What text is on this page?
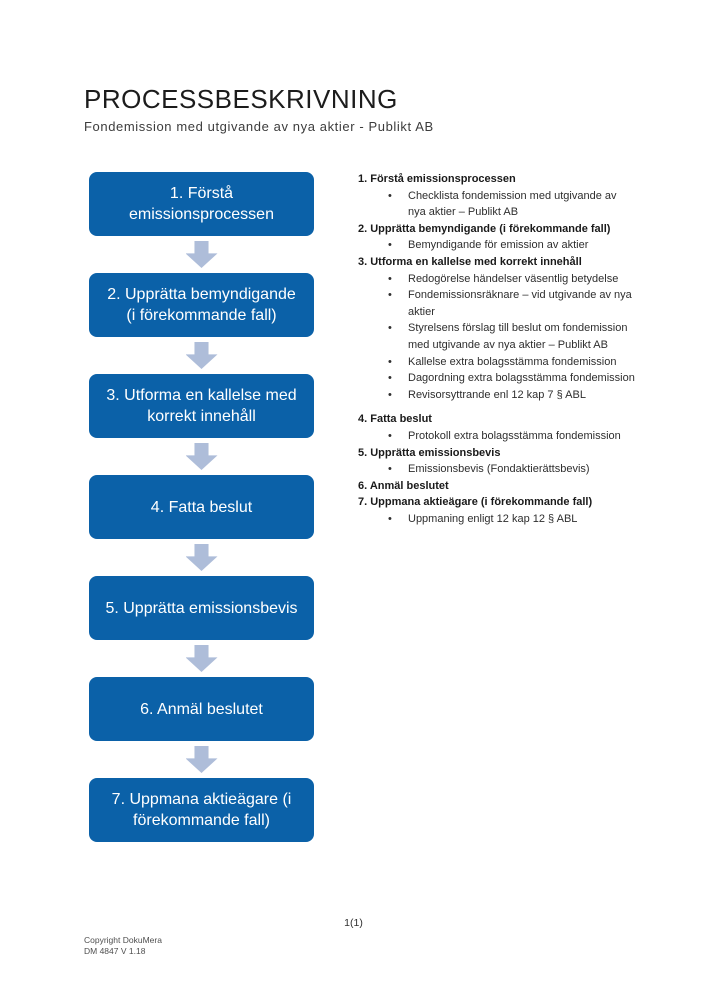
PROCESSBESKRIVNING
Fondemission med utgivande av nya aktier - Publikt AB
1. Förstå emissionsprocessen
2. Upprätta bemyndigande (i förekommande fall)
3. Utforma en kallelse med korrekt innehåll
4. Fatta beslut
5. Upprätta emissionsbevis
6. Anmäl beslutet
7. Uppmana aktieägare (i förekommande fall)
1. Förstå emissionsprocessen
• Checklista fondemission med utgivande av nya aktier – Publikt AB
2. Upprätta bemyndigande (i förekommande fall)
• Bemyndigande för emission av aktier
3. Utforma en kallelse med korrekt innehåll
• Redogörelse händelser väsentlig betydelse
• Fondemissionsräknare – vid utgivande av nya aktier
• Styrelsens förslag till beslut om fondemission med utgivande av nya aktier – Publikt AB
• Kallelse extra bolagsstämma fondemission
• Dagordning extra bolagsstämma fondemission
• Revisorsyttrande enl 12 kap 7 § ABL
4. Fatta beslut
• Protokoll extra bolagsstämma fondemission
5. Upprätta emissionsbevis
• Emissionsbevis (Fondaktierättsbevis)
6. Anmäl beslutet
7. Uppmana aktieägare (i förekommande fall)
• Uppmaning enligt 12 kap 12 § ABL
1(1)
Copyright DokuMera
DM 4847 V 1.18
